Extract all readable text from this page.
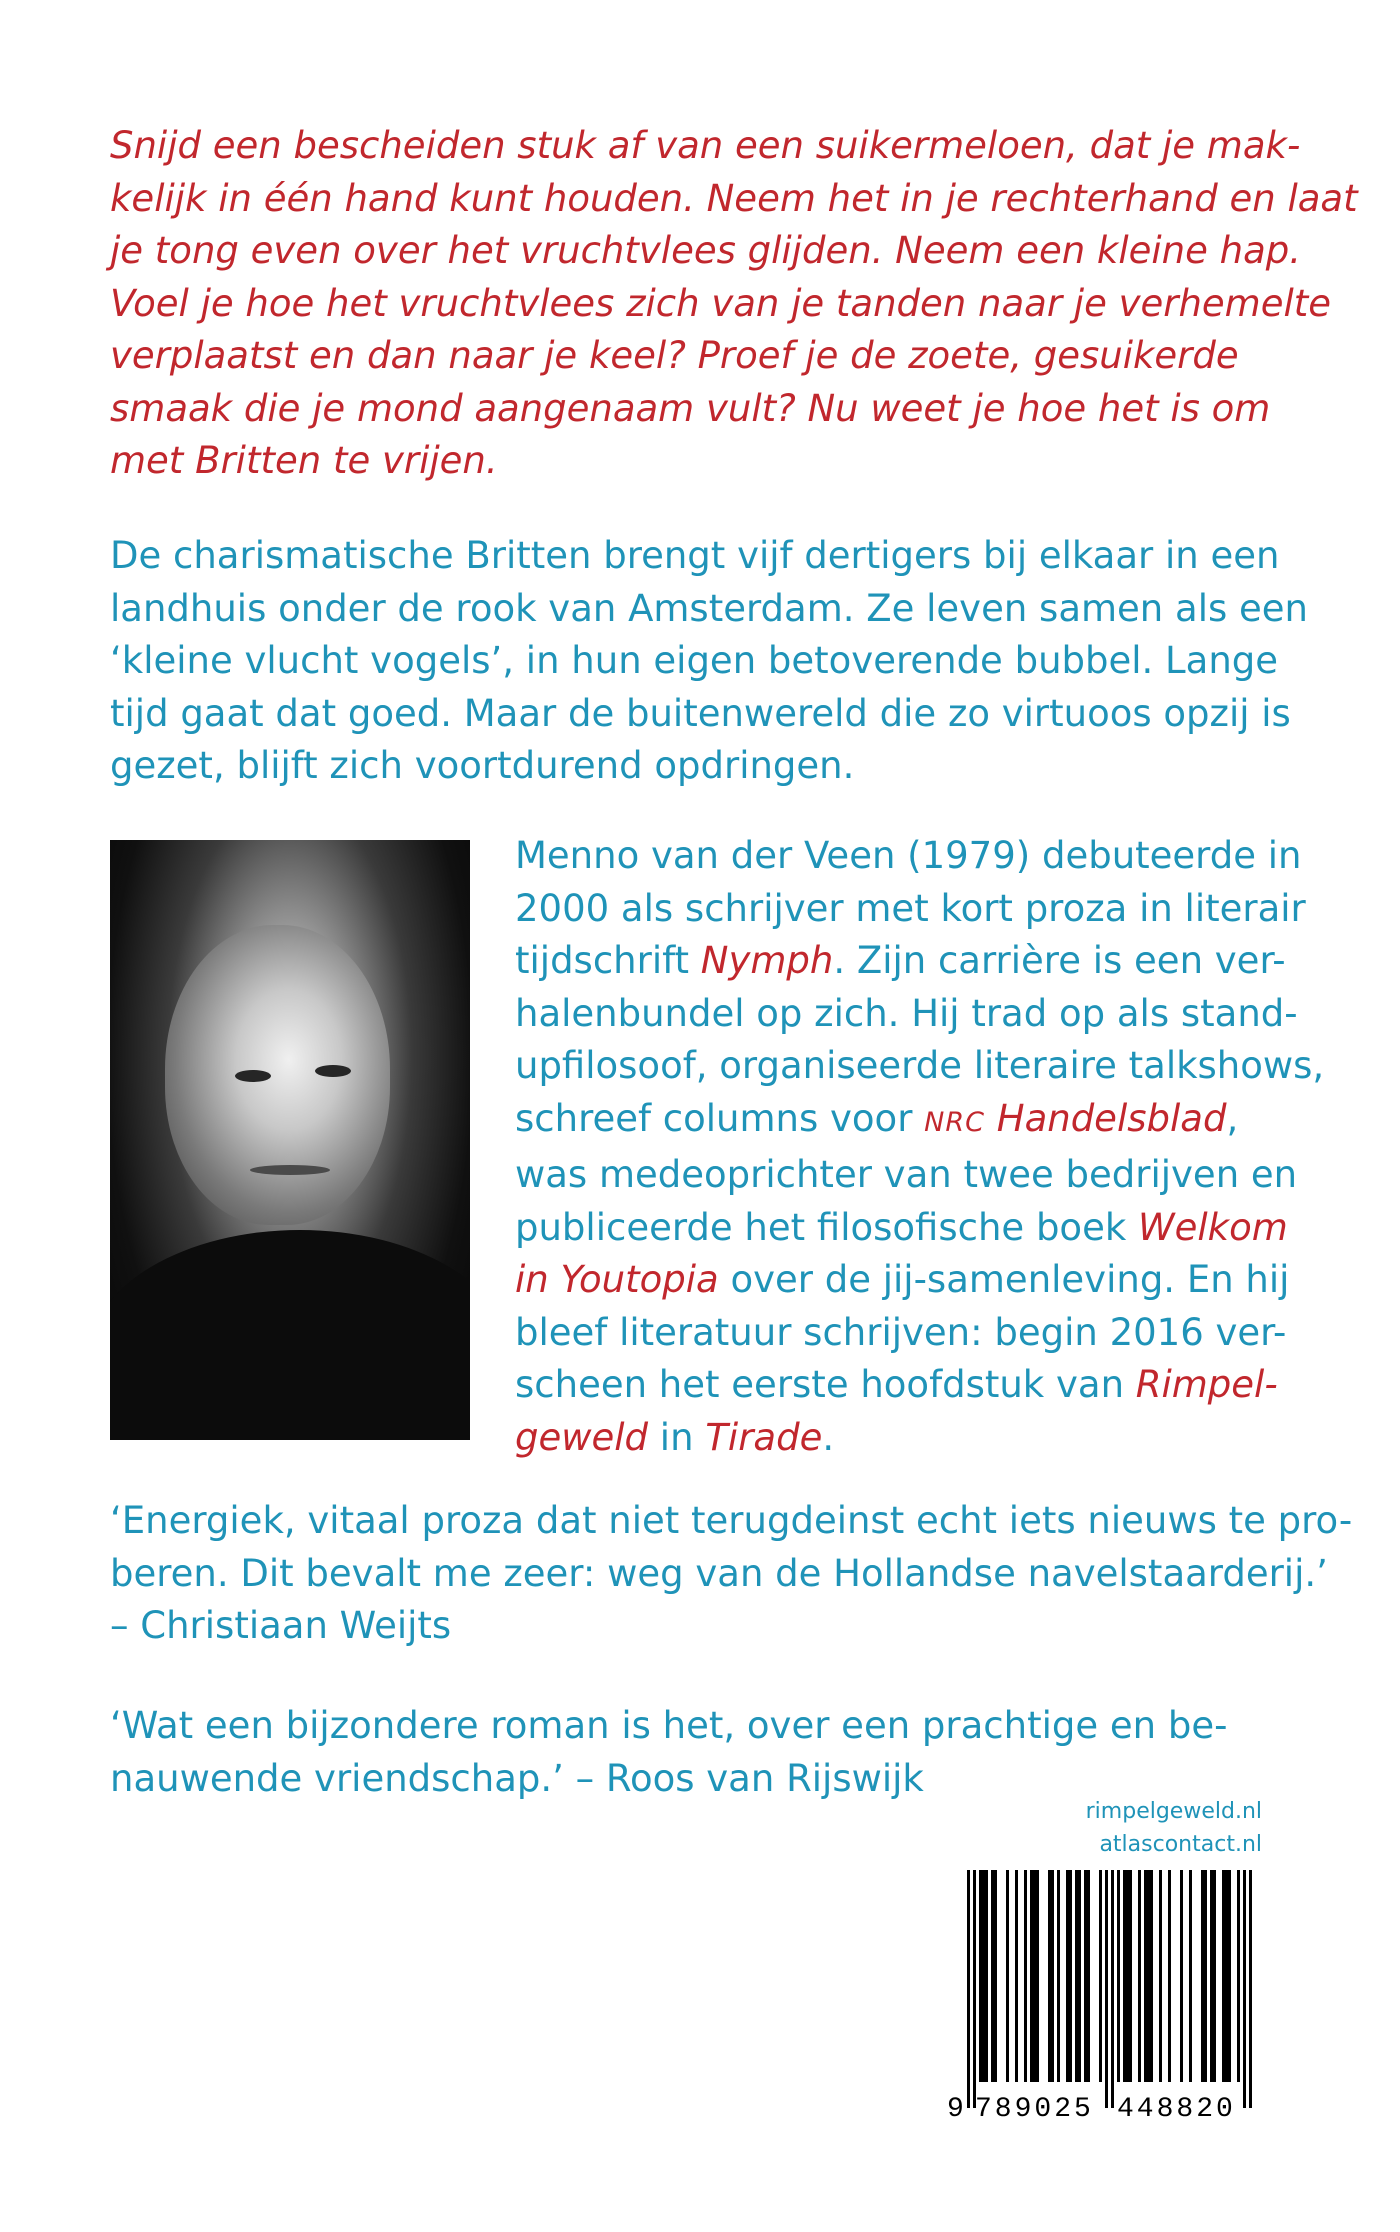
Snijd een bescheiden stuk af van een suikermeloen, dat je mak-
kelijk in één hand kunt houden. Neem het in je rechterhand en laat
je tong even over het vruchtvlees glijden. Neem een kleine hap.
Voel je hoe het vruchtvlees zich van je tanden naar je verhemelte
verplaatst en dan naar je keel? Proef je de zoete, gesuikerde
smaak die je mond aangenaam vult? Nu weet je hoe het is om
met Britten te vrijen.
De charismatische Britten brengt vijf dertigers bij elkaar in een
landhuis onder de rook van Amsterdam. Ze leven samen als een
‘kleine vlucht vogels’, in hun eigen betoverende bubbel. Lange
tijd gaat dat goed. Maar de buitenwereld die zo virtuoos opzij is
gezet, blijft zich voortdurend opdringen.
Menno van der Veen (1979) debuteerde in
2000 als schrijver met kort proza in literair
tijdschrift Nymph. Zijn carrière is een ver-
halenbundel op zich. Hij trad op als stand-
upfilosoof, organiseerde literaire talkshows,
schreef columns voor NRC Handelsblad,
was medeoprichter van twee bedrijven en
publiceerde het filosofische boek Welkom
in Youtopia over de jij-samenleving. En hij
bleef literatuur schrijven: begin 2016 ver-
scheen het eerste hoofdstuk van Rimpel-
geweld in Tirade.
‘Energiek, vitaal proza dat niet terugdeinst echt iets nieuws te pro-
beren. Dit bevalt me zeer: weg van de Hollandse navelstaarderij.’
– Christiaan Weijts
‘Wat een bijzondere roman is het, over een prachtige en be-
nauwende vriendschap.’ – Roos van Rijswijk
rimpelgeweld.nl
atlascontact.nl
9 789025 448820
